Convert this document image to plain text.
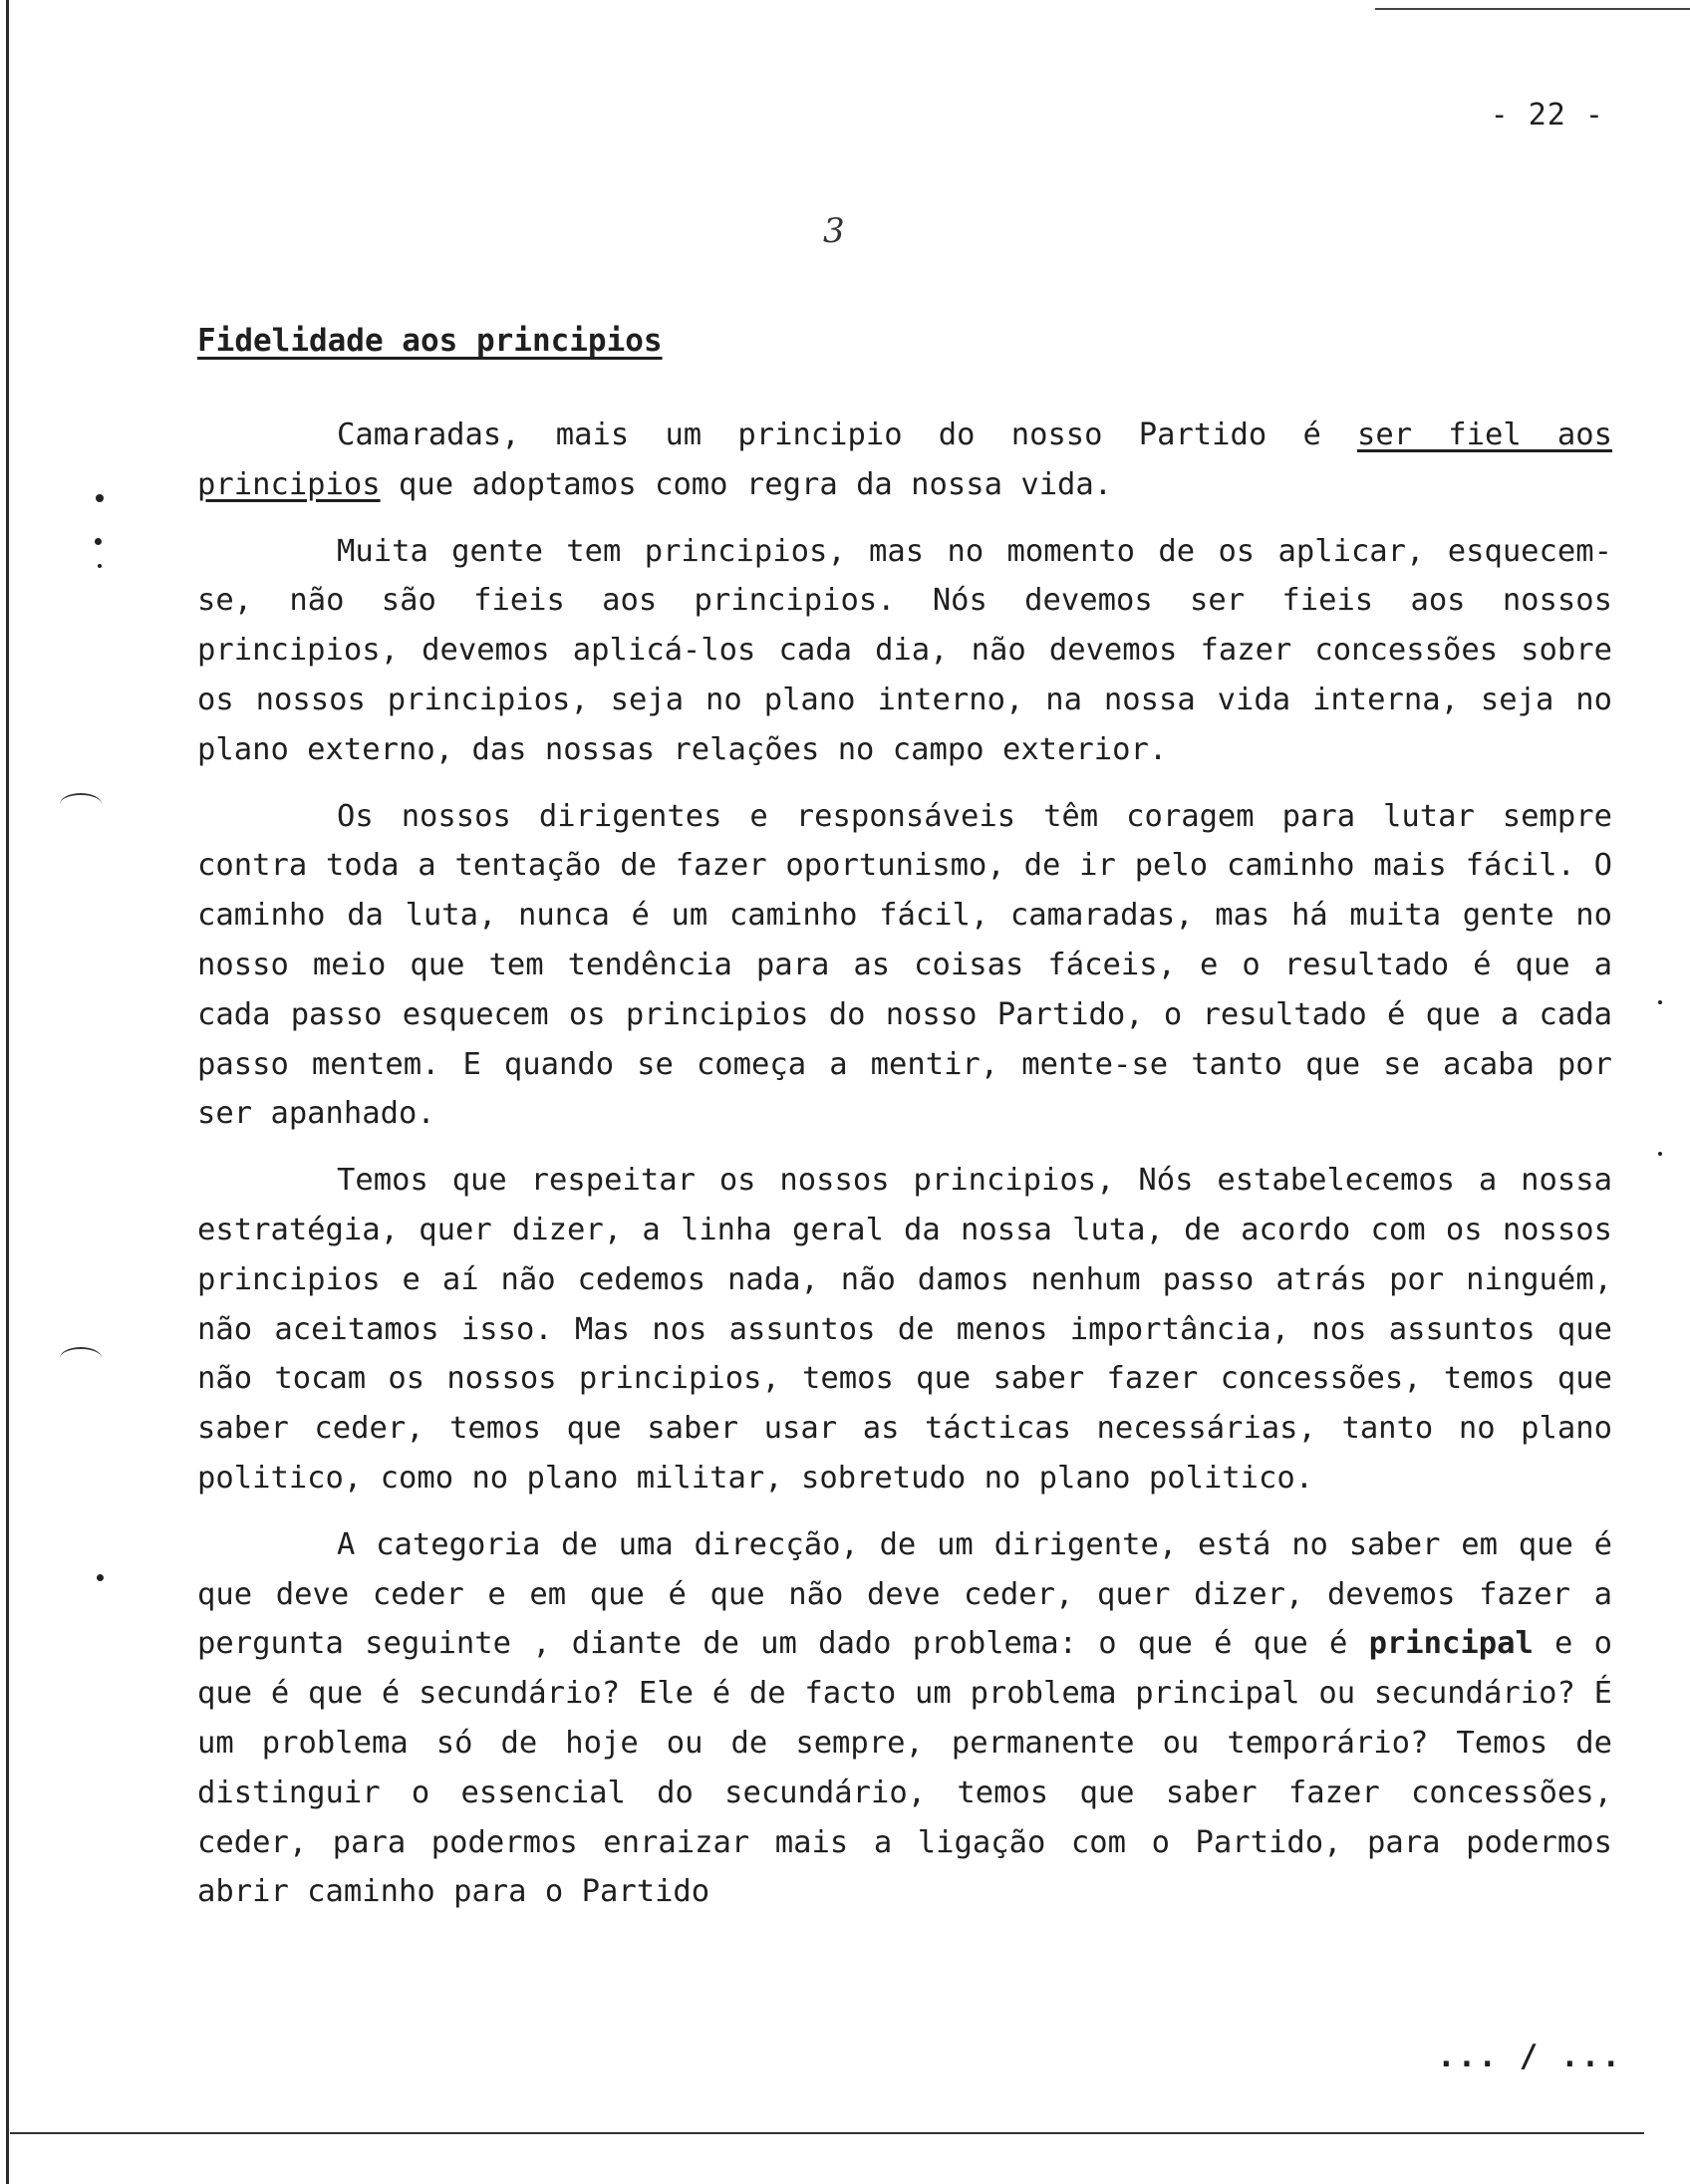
- 22 -
3
Fidelidade aos principios

Camaradas, mais um principio do nosso Partido é ser fiel aos principios que adoptamos como regra da nossa vida.

Muita gente tem principios, mas no momento de os aplicar, esquecem-se, não são fieis aos principios. Nós devemos ser fieis aos nossos principios, devemos aplicá-los cada dia, não devemos fazer concessões sobre os nossos principios, seja no plano interno, na nossa vida interna, seja no plano externo, das nossas relações no campo exterior.

Os nossos dirigentes e responsáveis têm coragem para lutar sempre contra toda a tentação de fazer oportunismo, de ir pelo caminho mais fácil. O caminho da luta, nunca é um caminho fácil, camaradas, mas há muita gente no nosso meio que tem tendência para as coisas fáceis, e o resultado é que a cada passo esquecem os principios do nosso Partido, o resultado é que a cada passo mentem. E quando se começa a mentir, mente-se tanto que se acaba por ser apanhado.

Temos que respeitar os nossos principios, Nós estabelecemos a nossa estratégia, quer dizer, a linha geral da nossa luta, de acordo com os nossos principios e aí não cedemos nada, não damos nenhum passo atrás por ninguém, não aceitamos isso. Mas nos assuntos de menos importância, nos assuntos que não tocam os nossos principios, temos que saber fazer concessões, temos que saber ceder, temos que saber usar as tácticas necessárias, tanto no plano politico, como no plano militar, sobretudo no plano politico.

A categoria de uma direcção, de um dirigente, está no saber em que é que deve ceder e em que é que não deve ceder, quer dizer, devemos fazer a pergunta seguinte , diante de um dado problema: o que é que é principal e o que é que é secundário? Ele é de facto um problema principal ou secundário? É um problema só de hoje ou de sempre, permanente ou temporário? Temos de distinguir o essencial do secundário, temos que saber fazer concessões, ceder, para podermos enraizar mais a ligação com o Partido, para podermos abrir caminho para o Partido

... / ...
